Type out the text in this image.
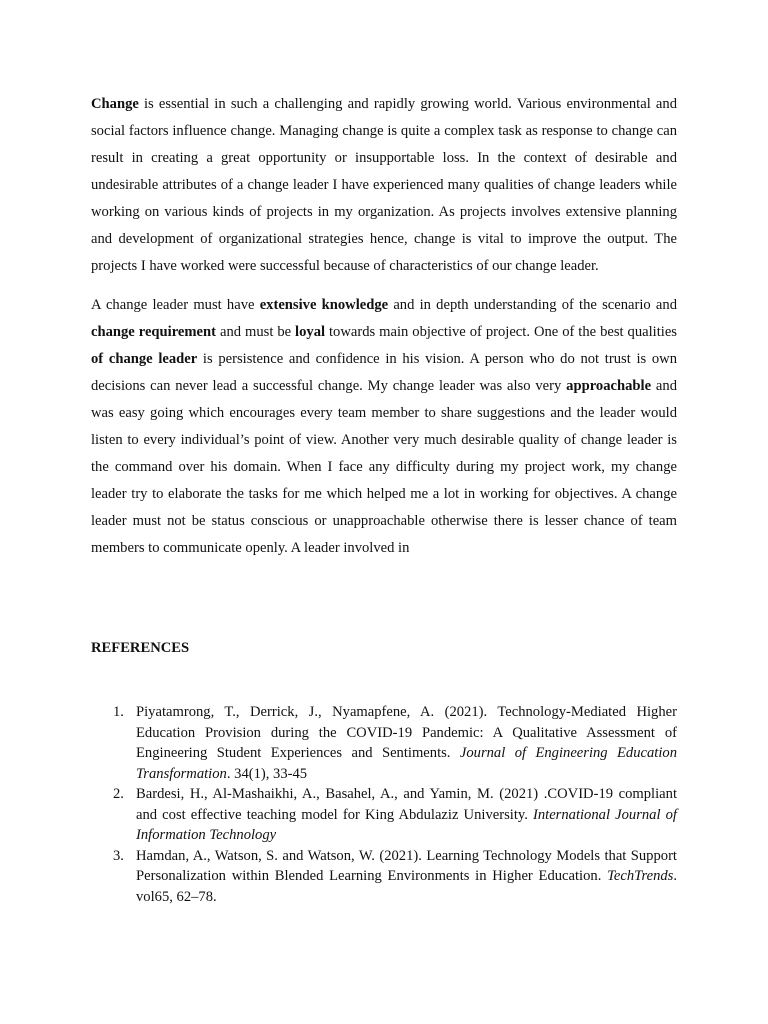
Change is essential in such a challenging and rapidly growing world. Various environmental and social factors influence change. Managing change is quite a complex task as response to change can result in creating a great opportunity or insupportable loss. In the context of desirable and undesirable attributes of a change leader I have experienced many qualities of change leaders while working on various kinds of projects in my organization. As projects involves extensive planning and development of organizational strategies hence, change is vital to improve the output. The projects I have worked were successful because of characteristics of our change leader.

A change leader must have extensive knowledge and in depth understanding of the scenario and change requirement and must be loyal towards main objective of project. One of the best qualities of change leader is persistence and confidence in his vision. A person who do not trust is own decisions can never lead a successful change. My change leader was also very approachable and was easy going which encourages every team member to share suggestions and the leader would listen to every individual’s point of view. Another very much desirable quality of change leader is the command over his domain. When I face any difficulty during my project work, my change leader try to elaborate the tasks for me which helped me a lot in working for objectives. A change leader must not be status conscious or unapproachable otherwise there is lesser chance of team members to communicate openly. A leader involved in

REFERENCES
1. Piyatamrong, T., Derrick, J., Nyamapfene, A. (2021). Technology-Mediated Higher Education Provision during the COVID-19 Pandemic: A Qualitative Assessment of Engineering Student Experiences and Sentiments. Journal of Engineering Education Transformation. 34(1), 33-45
2. Bardesi, H., Al-Mashaikhi, A., Basahel, A., and Yamin, M. (2021) .COVID-19 compliant and cost effective teaching model for King Abdulaziz University. International Journal of Information Technology
3. Hamdan, A., Watson, S. and Watson, W. (2021). Learning Technology Models that Support Personalization within Blended Learning Environments in Higher Education. TechTrends. vol65, 62–78.
